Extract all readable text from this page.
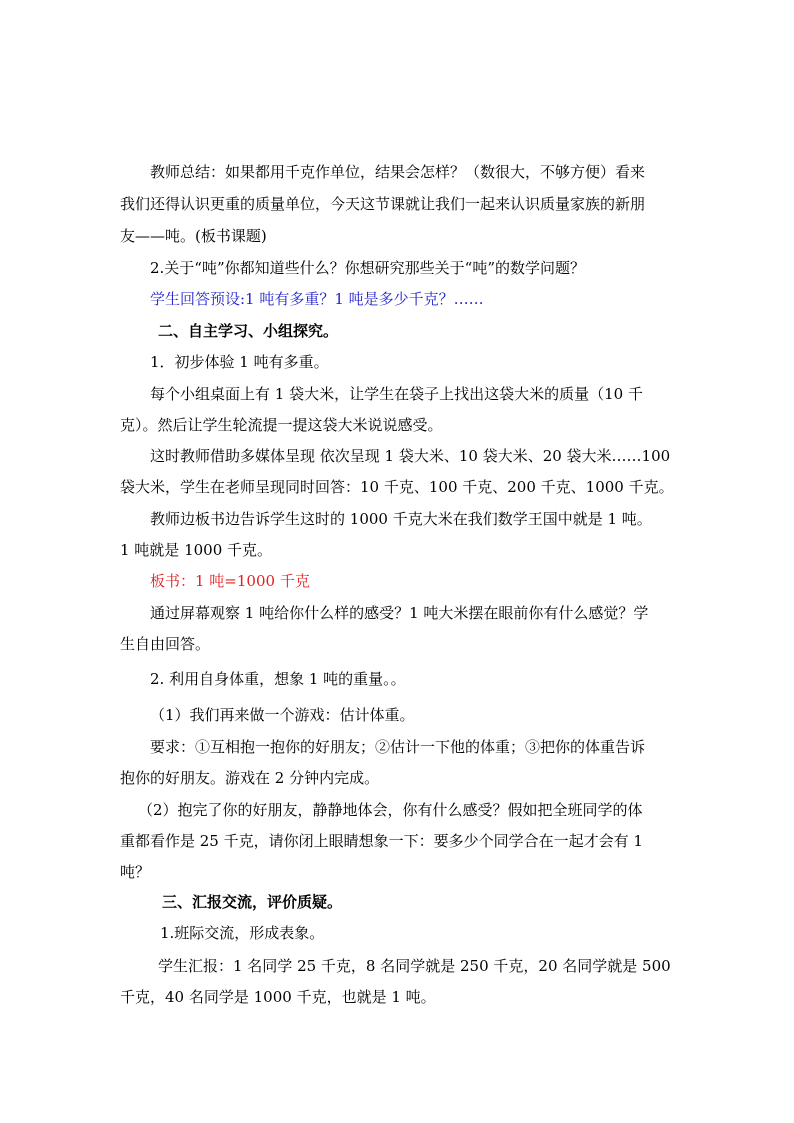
教师总结：如果都用千克作单位，结果会怎样？（数很大，不够方便）看来
我们还得认识更重的质量单位，今天这节课就让我们一起来认识质量家族的新朋
友——吨。(板书课题)
2.关于“吨”你都知道些什么？你想研究那些关于“吨”的数学问题？
学生回答预设:1 吨有多重？1 吨是多少千克？……
二、自主学习、小组探究。
1．初步体验 1 吨有多重。
每个小组桌面上有 1 袋大米，让学生在袋子上找出这袋大米的质量（10 千
克）。然后让学生轮流提一提这袋大米说说感受。
这时教师借助多媒体呈现 依次呈现 1 袋大米、10 袋大米、20 袋大米……100
袋大米，学生在老师呈现同时回答：10 千克、100 千克、200 千克、1000 千克。
教师边板书边告诉学生这时的 1000 千克大米在我们数学王国中就是 1 吨。
1 吨就是 1000 千克。
板书：1 吨=1000 千克
通过屏幕观察 1 吨给你什么样的感受？1 吨大米摆在眼前你有什么感觉？学
生自由回答。
2. 利用自身体重，想象 1 吨的重量。。
（1）我们再来做一个游戏：估计体重。
要求：①互相抱一抱你的好朋友；②估计一下他的体重；③把你的体重告诉
抱你的好朋友。游戏在 2 分钟内完成。
（2）抱完了你的好朋友，静静地体会，你有什么感受？假如把全班同学的体
重都看作是 25 千克，请你闭上眼睛想象一下：要多少个同学合在一起才会有 1
吨？
三、汇报交流，评价质疑。
1.班际交流，形成表象。
学生汇报：1 名同学 25 千克，8 名同学就是 250 千克，20 名同学就是 500
千克，40 名同学是 1000 千克，也就是 1 吨。
